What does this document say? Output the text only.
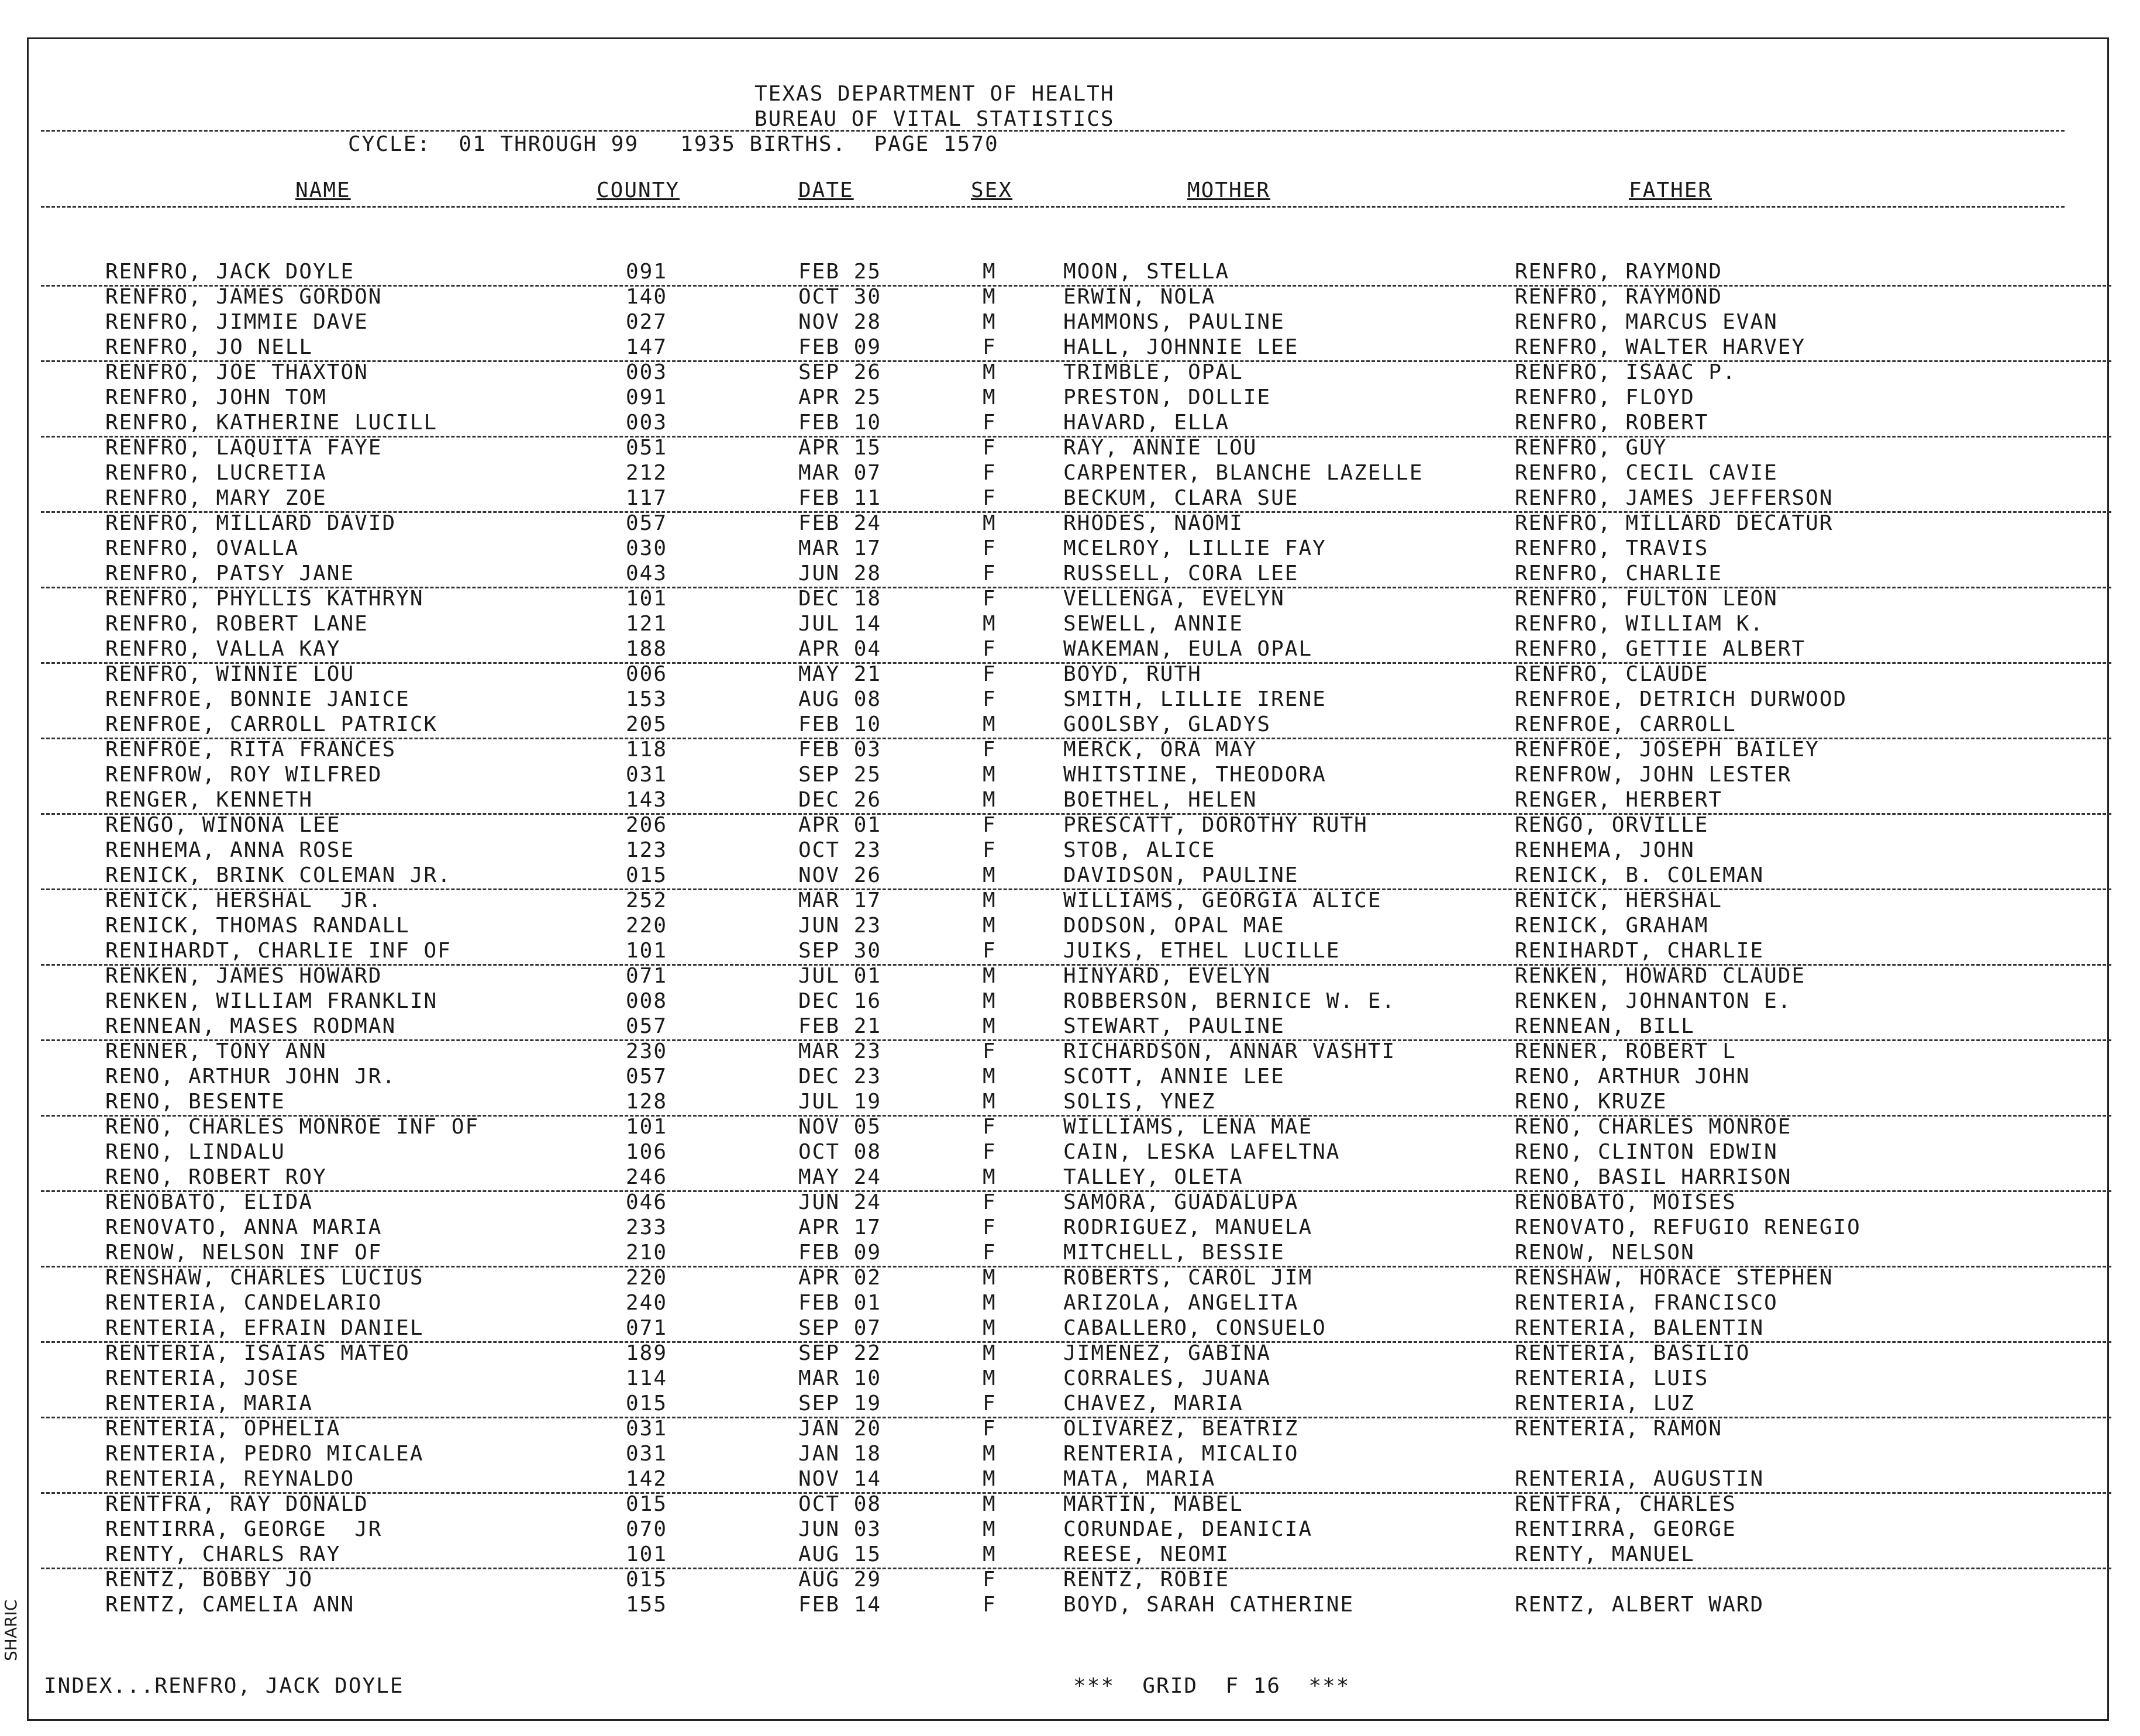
SHARIC
TEXAS DEPARTMENT OF HEALTH
BUREAU OF VITAL STATISTICS
CYCLE:  01 THROUGH 99   1935 BIRTHS.  PAGE 1570
NAME	COUNTY	DATE	SEX	MOTHER	FATHER
RENFRO, JACK DOYLE	091	FEB 25	M	MOON, STELLA	RENFRO, RAYMOND
RENFRO, JAMES GORDON	140	OCT 30	M	ERWIN, NOLA	RENFRO, RAYMOND
RENFRO, JIMMIE DAVE	027	NOV 28	M	HAMMONS, PAULINE	RENFRO, MARCUS EVAN
RENFRO, JO NELL	147	FEB 09	F	HALL, JOHNNIE LEE	RENFRO, WALTER HARVEY
RENFRO, JOE THAXTON	003	SEP 26	M	TRIMBLE, OPAL	RENFRO, ISAAC P.
RENFRO, JOHN TOM	091	APR 25	M	PRESTON, DOLLIE	RENFRO, FLOYD
RENFRO, KATHERINE LUCILL	003	FEB 10	F	HAVARD, ELLA	RENFRO, ROBERT
RENFRO, LAQUITA FAYE	051	APR 15	F	RAY, ANNIE LOU	RENFRO, GUY
RENFRO, LUCRETIA	212	MAR 07	F	CARPENTER, BLANCHE LAZELLE	RENFRO, CECIL CAVIE
RENFRO, MARY ZOE	117	FEB 11	F	BECKUM, CLARA SUE	RENFRO, JAMES JEFFERSON
RENFRO, MILLARD DAVID	057	FEB 24	M	RHODES, NAOMI	RENFRO, MILLARD DECATUR
RENFRO, OVALLA	030	MAR 17	F	MCELROY, LILLIE FAY	RENFRO, TRAVIS
RENFRO, PATSY JANE	043	JUN 28	F	RUSSELL, CORA LEE	RENFRO, CHARLIE
RENFRO, PHYLLIS KATHRYN	101	DEC 18	F	VELLENGA, EVELYN	RENFRO, FULTON LEON
RENFRO, ROBERT LANE	121	JUL 14	M	SEWELL, ANNIE	RENFRO, WILLIAM K.
RENFRO, VALLA KAY	188	APR 04	F	WAKEMAN, EULA OPAL	RENFRO, GETTIE ALBERT
RENFRO, WINNIE LOU	006	MAY 21	F	BOYD, RUTH	RENFRO, CLAUDE
RENFROE, BONNIE JANICE	153	AUG 08	F	SMITH, LILLIE IRENE	RENFROE, DETRICH DURWOOD
RENFROE, CARROLL PATRICK	205	FEB 10	M	GOOLSBY, GLADYS	RENFROE, CARROLL
RENFROE, RITA FRANCES	118	FEB 03	F	MERCK, ORA MAY	RENFROE, JOSEPH BAILEY
RENFROW, ROY WILFRED	031	SEP 25	M	WHITSTINE, THEODORA	RENFROW, JOHN LESTER
RENGER, KENNETH	143	DEC 26	M	BOETHEL, HELEN	RENGER, HERBERT
RENGO, WINONA LEE	206	APR 01	F	PRESCATT, DOROTHY RUTH	RENGO, ORVILLE
RENHEMA, ANNA ROSE	123	OCT 23	F	STOB, ALICE	RENHEMA, JOHN
RENICK, BRINK COLEMAN JR.	015	NOV 26	M	DAVIDSON, PAULINE	RENICK, B. COLEMAN
RENICK, HERSHAL  JR.	252	MAR 17	M	WILLIAMS, GEORGIA ALICE	RENICK, HERSHAL
RENICK, THOMAS RANDALL	220	JUN 23	M	DODSON, OPAL MAE	RENICK, GRAHAM
RENIHARDT, CHARLIE INF OF	101	SEP 30	F	JUIKS, ETHEL LUCILLE	RENIHARDT, CHARLIE
RENKEN, JAMES HOWARD	071	JUL 01	M	HINYARD, EVELYN	RENKEN, HOWARD CLAUDE
RENKEN, WILLIAM FRANKLIN	008	DEC 16	M	ROBBERSON, BERNICE W. E.	RENKEN, JOHNANTON E.
RENNEAN, MASES RODMAN	057	FEB 21	M	STEWART, PAULINE	RENNEAN, BILL
RENNER, TONY ANN	230	MAR 23	F	RICHARDSON, ANNAR VASHTI	RENNER, ROBERT L
RENO, ARTHUR JOHN JR.	057	DEC 23	M	SCOTT, ANNIE LEE	RENO, ARTHUR JOHN
RENO, BESENTE	128	JUL 19	M	SOLIS, YNEZ	RENO, KRUZE
RENO, CHARLES MONROE INF OF	101	NOV 05	F	WILLIAMS, LENA MAE	RENO, CHARLES MONROE
RENO, LINDALU	106	OCT 08	F	CAIN, LESKA LAFELTNA	RENO, CLINTON EDWIN
RENO, ROBERT ROY	246	MAY 24	M	TALLEY, OLETA	RENO, BASIL HARRISON
RENOBATO, ELIDA	046	JUN 24	F	SAMORA, GUADALUPA	RENOBATO, MOISES
RENOVATO, ANNA MARIA	233	APR 17	F	RODRIGUEZ, MANUELA	RENOVATO, REFUGIO RENEGIO
RENOW, NELSON INF OF	210	FEB 09	F	MITCHELL, BESSIE	RENOW, NELSON
RENSHAW, CHARLES LUCIUS	220	APR 02	M	ROBERTS, CAROL JIM	RENSHAW, HORACE STEPHEN
RENTERIA, CANDELARIO	240	FEB 01	M	ARIZOLA, ANGELITA	RENTERIA, FRANCISCO
RENTERIA, EFRAIN DANIEL	071	SEP 07	M	CABALLERO, CONSUELO	RENTERIA, BALENTIN
RENTERIA, ISAIAS MATEO	189	SEP 22	M	JIMENEZ, GABINA	RENTERIA, BASILIO
RENTERIA, JOSE	114	MAR 10	M	CORRALES, JUANA	RENTERIA, LUIS
RENTERIA, MARIA	015	SEP 19	F	CHAVEZ, MARIA	RENTERIA, LUZ
RENTERIA, OPHELIA	031	JAN 20	F	OLIVAREZ, BEATRIZ	RENTERIA, RAMON
RENTERIA, PEDRO MICALEA	031	JAN 18	M	RENTERIA, MICALIO
RENTERIA, REYNALDO	142	NOV 14	M	MATA, MARIA	RENTERIA, AUGUSTIN
RENTFRA, RAY DONALD	015	OCT 08	M	MARTIN, MABEL	RENTFRA, CHARLES
RENTIRRA, GEORGE  JR	070	JUN 03	M	CORUNDAE, DEANICIA	RENTIRRA, GEORGE
RENTY, CHARLS RAY	101	AUG 15	M	REESE, NEOMI	RENTY, MANUEL
RENTZ, BOBBY JO	015	AUG 29	F	RENTZ, ROBIE
RENTZ, CAMELIA ANN	155	FEB 14	F	BOYD, SARAH CATHERINE	RENTZ, ALBERT WARD
INDEX...RENFRO, JACK DOYLE	***  GRID  F 16  ***
